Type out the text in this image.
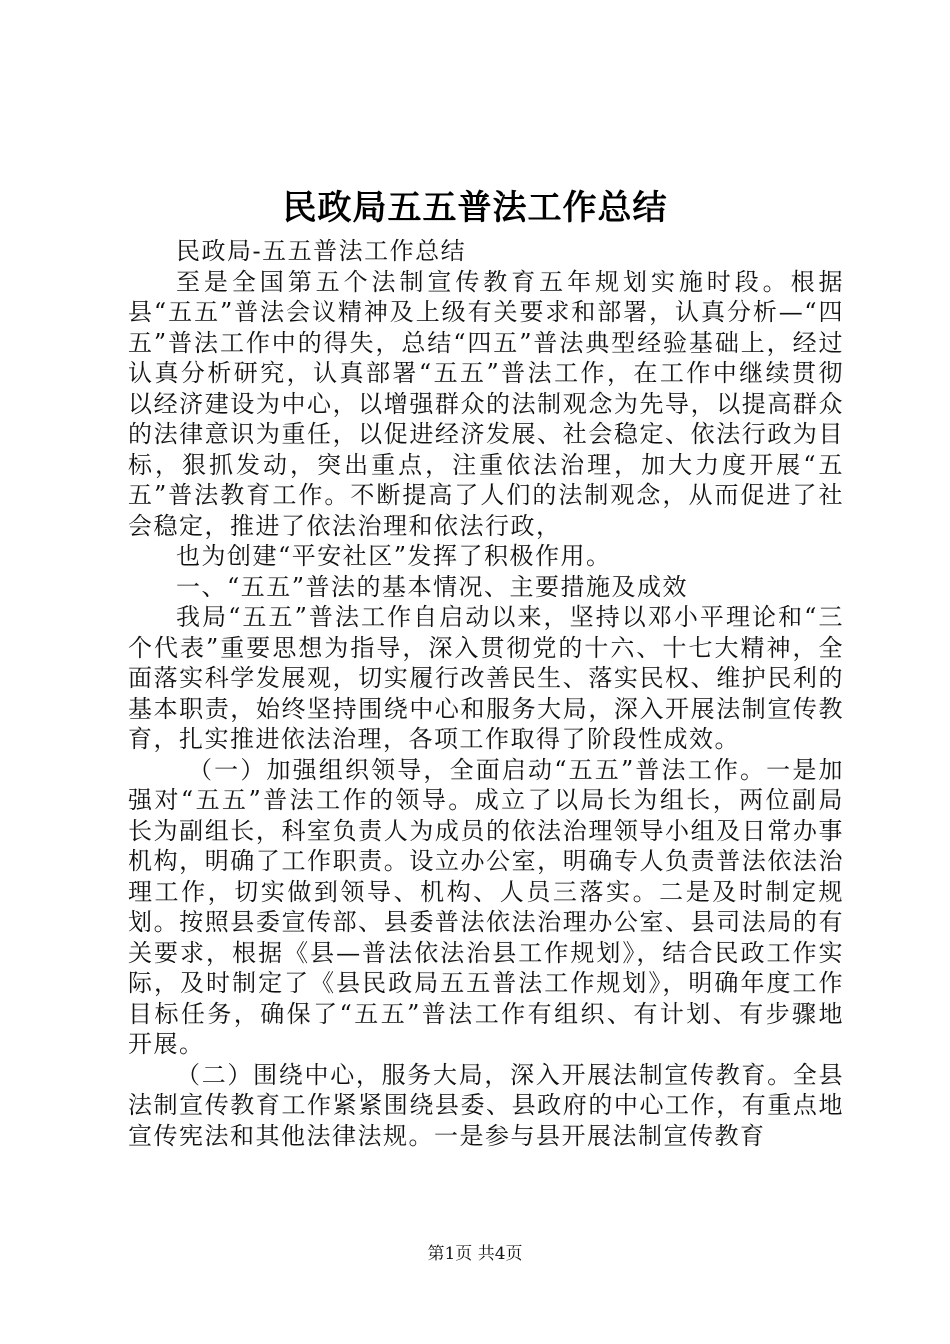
民政局五五普法工作总结

民政局-五五普法工作总结

至是全国第五个法制宣传教育五年规划实施时段。根据县“五五”普法会议精神及上级有关要求和部署，认真分析—“四五”普法工作中的得失，总结“四五”普法典型经验基础上，经过认真分析研究，认真部署“五五”普法工作，在工作中继续贯彻以经济建设为中心，以增强群众的法制观念为先导，以提高群众的法律意识为重任，以促进经济发展、社会稳定、依法行政为目标，狠抓发动，突出重点，注重依法治理，加大力度开展“五五”普法教育工作。不断提高了人们的法制观念，从而促进了社会稳定，推进了依法治理和依法行政，

也为创建“平安社区”发挥了积极作用。

一、“五五”普法的基本情况、主要措施及成效

我局“五五”普法工作自启动以来，坚持以邓小平理论和“三个代表”重要思想为指导，深入贯彻党的十六、十七大精神，全面落实科学发展观，切实履行改善民生、落实民权、维护民利的基本职责，始终坚持围绕中心和服务大局，深入开展法制宣传教育，扎实推进依法治理，各项工作取得了阶段性成效。

（一）加强组织领导，全面启动“五五”普法工作。一是加强对“五五”普法工作的领导。成立了以局长为组长，两位副局长为副组长，科室负责人为成员的依法治理领导小组及日常办事机构，明确了工作职责。设立办公室，明确专人负责普法依法治理工作，切实做到领导、机构、人员三落实。二是及时制定规划。按照县委宣传部、县委普法依法治理办公室、县司法局的有关要求，根据《县—普法依法治县工作规划》，结合民政工作实际，及时制定了《县民政局五五普法工作规划》，明确年度工作目标任务，确保了“五五”普法工作有组织、有计划、有步骤地开展。

（二）围绕中心，服务大局，深入开展法制宣传教育。全县法制宣传教育工作紧紧围绕县委、县政府的中心工作，有重点地宣传宪法和其他法律法规。一是参与县开展法制宣传教育

第1页 共4页
